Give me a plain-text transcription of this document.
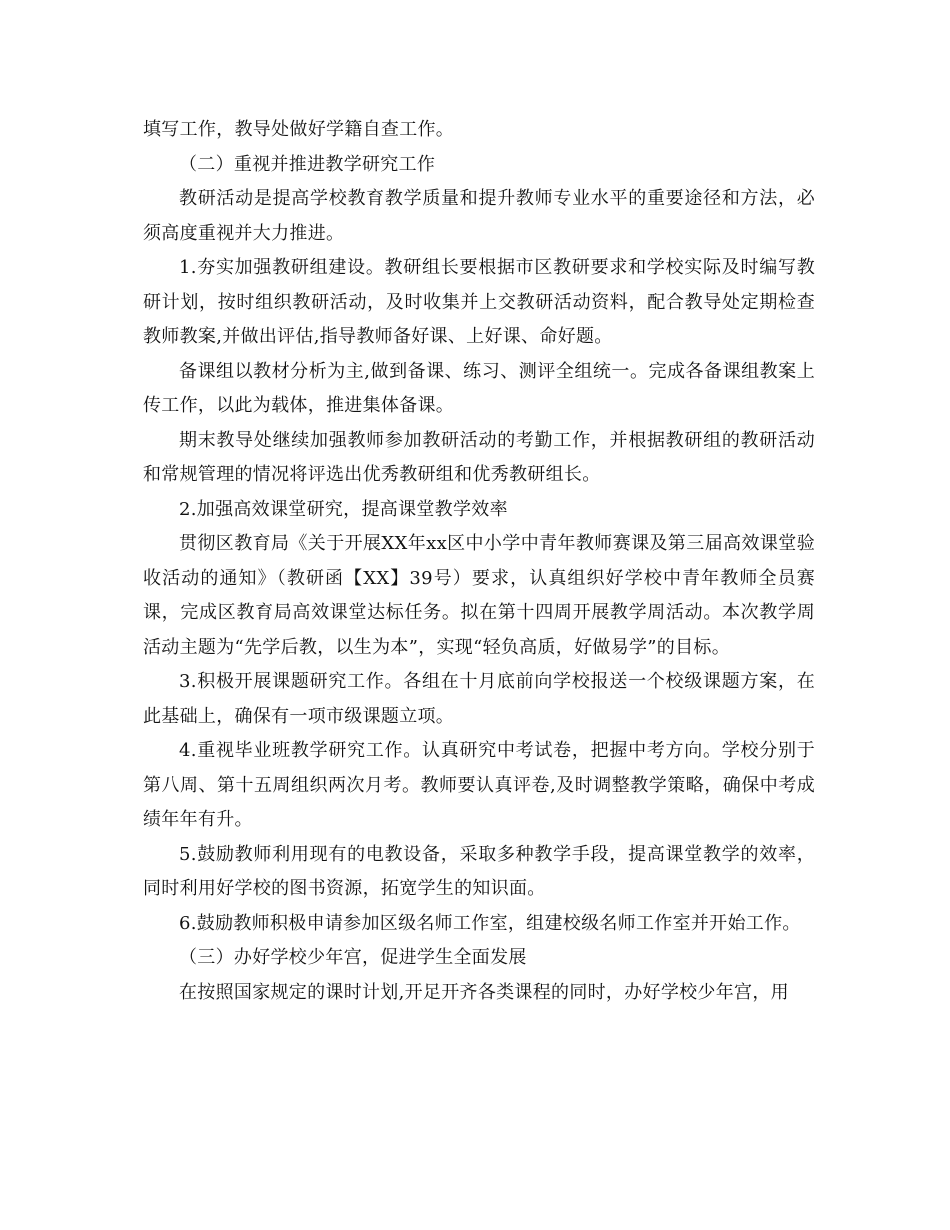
填写工作，教导处做好学籍自查工作。

（二）重视并推进教学研究工作

教研活动是提高学校教育教学质量和提升教师专业水平的重要途径和方法，必须高度重视并大力推进。

1.夯实加强教研组建设。教研组长要根据市区教研要求和学校实际及时编写教研计划，按时组织教研活动，及时收集并上交教研活动资料，配合教导处定期检查教师教案,并做出评估,指导教师备好课、上好课、命好题。

备课组以教材分析为主,做到备课、练习、测评全组统一。完成各备课组教案上传工作，以此为载体，推进集体备课。

期末教导处继续加强教师参加教研活动的考勤工作，并根据教研组的教研活动和常规管理的情况将评选出优秀教研组和优秀教研组长。

2.加强高效课堂研究，提高课堂教学效率

贯彻区教育局《关于开展XX年xx区中小学中青年教师赛课及第三届高效课堂验收活动的通知》（教研函【XX】39号）要求，认真组织好学校中青年教师全员赛课，完成区教育局高效课堂达标任务。拟在第十四周开展教学周活动。本次教学周活动主题为“先学后教，以生为本”，实现“轻负高质，好做易学”的目标。

3.积极开展课题研究工作。各组在十月底前向学校报送一个校级课题方案，在此基础上，确保有一项市级课题立项。

4.重视毕业班教学研究工作。认真研究中考试卷，把握中考方向。学校分别于第八周、第十五周组织两次月考。教师要认真评卷,及时调整教学策略，确保中考成绩年年有升。

5.鼓励教师利用现有的电教设备，采取多种教学手段，提高课堂教学的效率，同时利用好学校的图书资源，拓宽学生的知识面。

6.鼓励教师积极申请参加区级名师工作室，组建校级名师工作室并开始工作。

（三）办好学校少年宫，促进学生全面发展

在按照国家规定的课时计划,开足开齐各类课程的同时，办好学校少年宫，用
